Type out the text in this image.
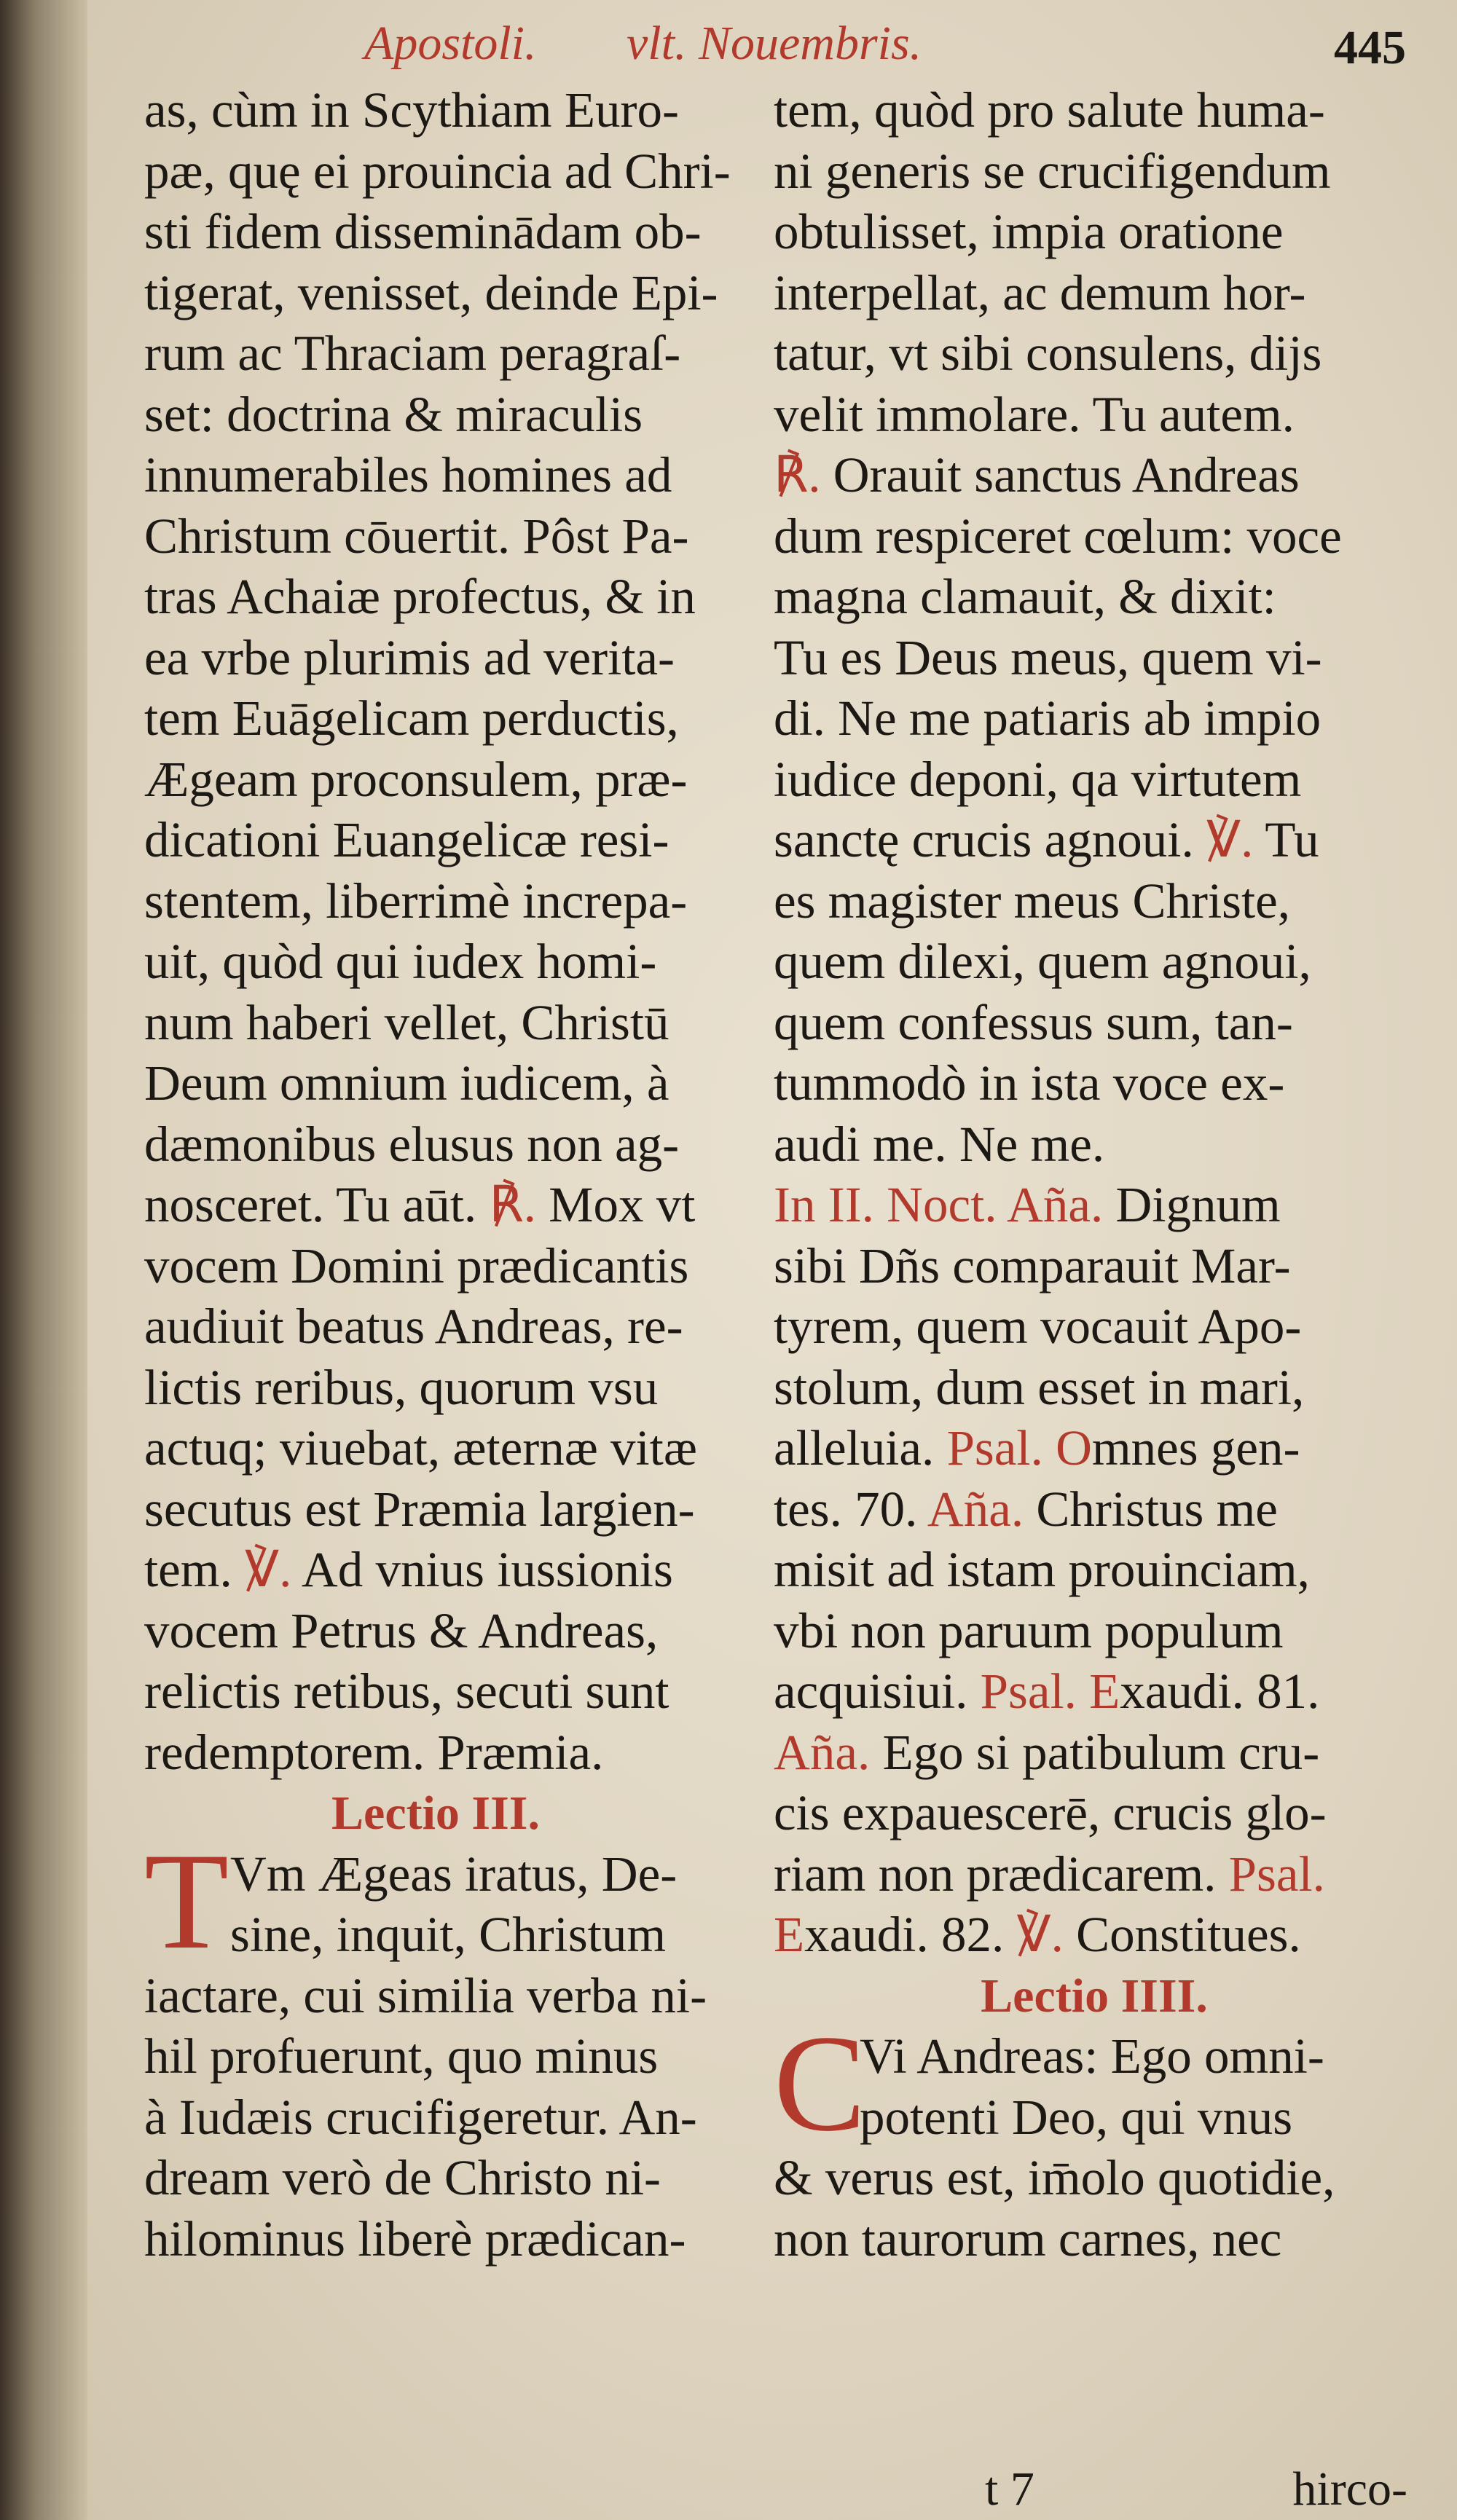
Apostoli. vlt. Nouembris.	445
as, cùm in Scythiam Euro-
pæ, quę ei prouincia ad Chri-
sti fidem disseminādam ob-
tigerat, venisset, deinde Epi-
rum ac Thraciam peragraſ-
set: doctrina & miraculis
innumerabiles homines ad
Christum cōuertit. Pôst Pa-
tras Achaiæ profectus, & in
ea vrbe plurimis ad verita-
tem Euāgelicam perductis,
Ægeam proconsulem, præ-
dicationi Euangelicæ resi-
stentem, liberrimè increpa-
uit, quòd qui iudex homi-
num haberi vellet, Christū
Deum omnium iudicem, à
dæmonibus elusus non ag-
nosceret. Tu aūt. ℟. Mox vt
vocem Domini prædicantis
audiuit beatus Andreas, re-
lictis reribus, quorum vsu
actuq; viuebat, æternæ vitæ
secutus est Præmia largien-
tem. ℣. Ad vnius iussionis
vocem Petrus & Andreas,
relictis retibus, secuti sunt
redemptorem. Præmia.
Lectio III.
T Vm Ægeas iratus, De-
sine, inquit, Christum
iactare, cui similia verba ni-
hil profuerunt, quo minus
à Iudæis crucifigeretur. An-
dream verò de Christo ni-
hilominus liberè prædican-
tem, quòd pro salute huma-
ni generis se crucifigendum
obtulisset, impia oratione
interpellat, ac demum hor-
tatur, vt sibi consulens, dijs
velit immolare. Tu autem.
℟. Orauit sanctus Andreas
dum respiceret cœlum: voce
magna clamauit, & dixit:
Tu es Deus meus, quem vi-
di. Ne me patiaris ab impio
iudice deponi, qa virtutem
sanctę crucis agnoui. ℣. Tu
es magister meus Christe,
quem dilexi, quem agnoui,
quem confessus sum, tan-
tummodò in ista voce ex-
audi me. Ne me.
In II. Noct. Aña. Dignum
sibi Dñs comparauit Mar-
tyrem, quem vocauit Apo-
stolum, dum esset in mari,
alleluia. Psal. Omnes gen-
tes. 70. Aña. Christus me
misit ad istam prouinciam,
vbi non paruum populum
acquisiui. Psal. Exaudi. 81.
Aña. Ego si patibulum cru-
cis expauescerē, crucis glo-
riam non prædicarem. Psal.
Exaudi. 82. ℣. Constitues.
Lectio IIII.
C
Vi Andreas: Ego omni-
potenti Deo, qui vnus
& verus est, im̄olo quotidie,
non taurorum carnes, nec
t 7	hirco-
